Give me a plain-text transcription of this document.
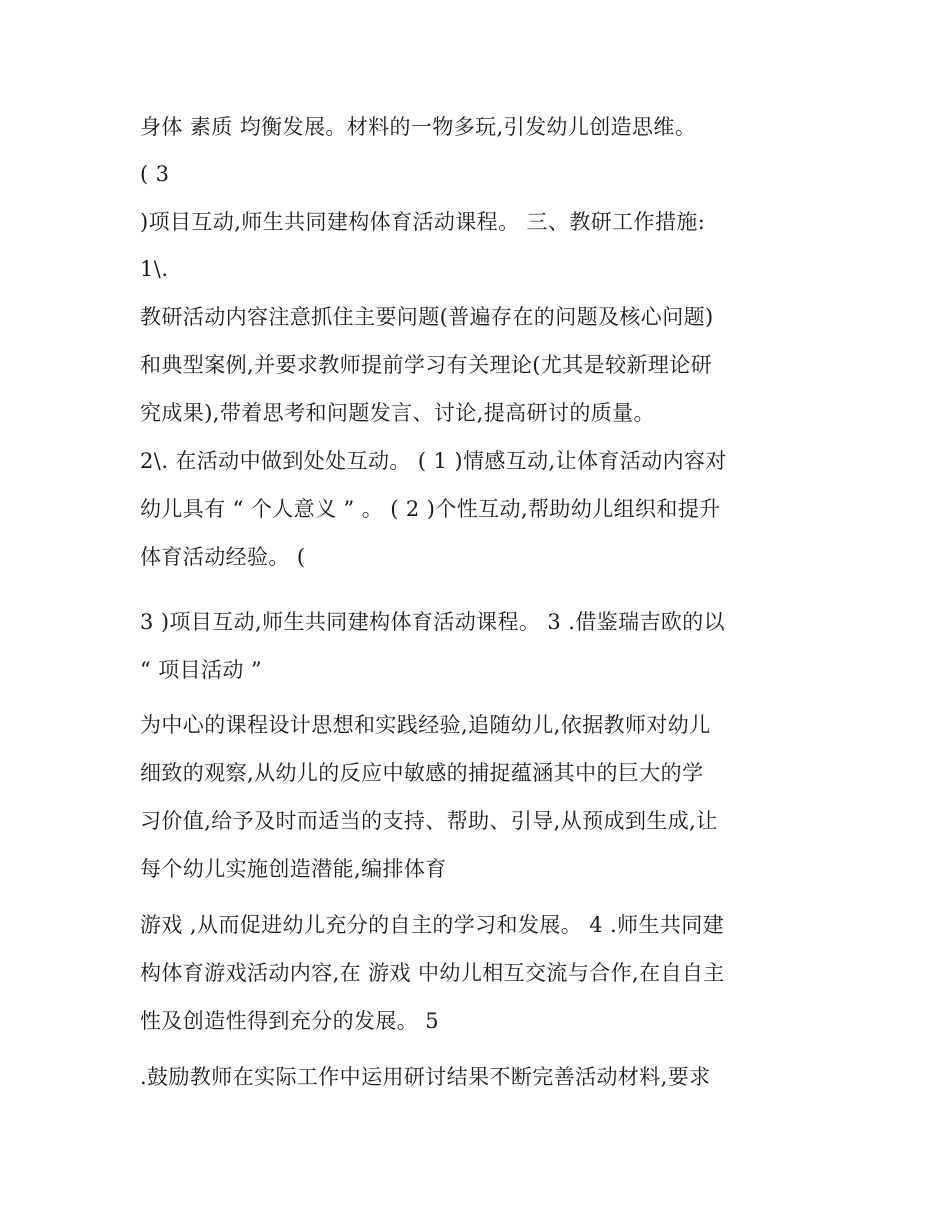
身体 素质 均衡发展。材料的一物多玩,引发幼儿创造思维。
( 3
)项目互动,师生共同建构体育活动课程。 三、教研工作措施:
1\.
教研活动内容注意抓住主要问题(普遍存在的问题及核心问题)
和典型案例,并要求教师提前学习有关理论(尤其是较新理论研
究成果),带着思考和问题发言、讨论,提高研讨的质量。
2\. 在活动中做到处处互动。 ( 1 )情感互动,让体育活动内容对
幼儿具有 “ 个人意义 ” 。 ( 2 )个性互动,帮助幼儿组织和提升
体育活动经验。 (
3 )项目互动,师生共同建构体育活动课程。 3 .借鉴瑞吉欧的以
“ 项目活动 ”
为中心的课程设计思想和实践经验,追随幼儿,依据教师对幼儿
细致的观察,从幼儿的反应中敏感的捕捉蕴涵其中的巨大的学
习价值,给予及时而适当的支持、帮助、引导,从预成到生成,让
每个幼儿实施创造潜能,编排体育
游戏 ,从而促进幼儿充分的自主的学习和发展。 4 .师生共同建
构体育游戏活动内容,在 游戏 中幼儿相互交流与合作,在自自主
性及创造性得到充分的发展。 5
.鼓励教师在实际工作中运用研讨结果不断完善活动材料,要求
